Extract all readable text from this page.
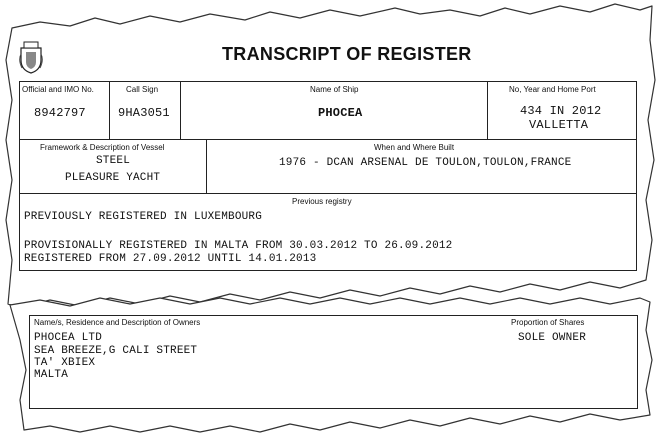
TRANSCRIPT OF REGISTER
Official and IMO No.
8942797
Call Sign
9HA3051
Name of Ship
PHOCEA
No, Year and Home Port
434 IN 2012
VALLETTA
Framework & Description of Vessel
STEEL
PLEASURE YACHT
When and Where Built
1976 - DCAN ARSENAL DE TOULON,TOULON,FRANCE
Previous registry
PREVIOUSLY REGISTERED IN LUXEMBOURG
PROVISIONALLY REGISTERED IN MALTA FROM 30.03.2012 TO 26.09.2012
REGISTERED FROM 27.09.2012 UNTIL 14.01.2013
Name/s, Residence and Description of Owners	Proportion of Shares
PHOCEA LTD
SEA BREEZE,G CALI STREET
TA' XBIEX
MALTA
SOLE OWNER
